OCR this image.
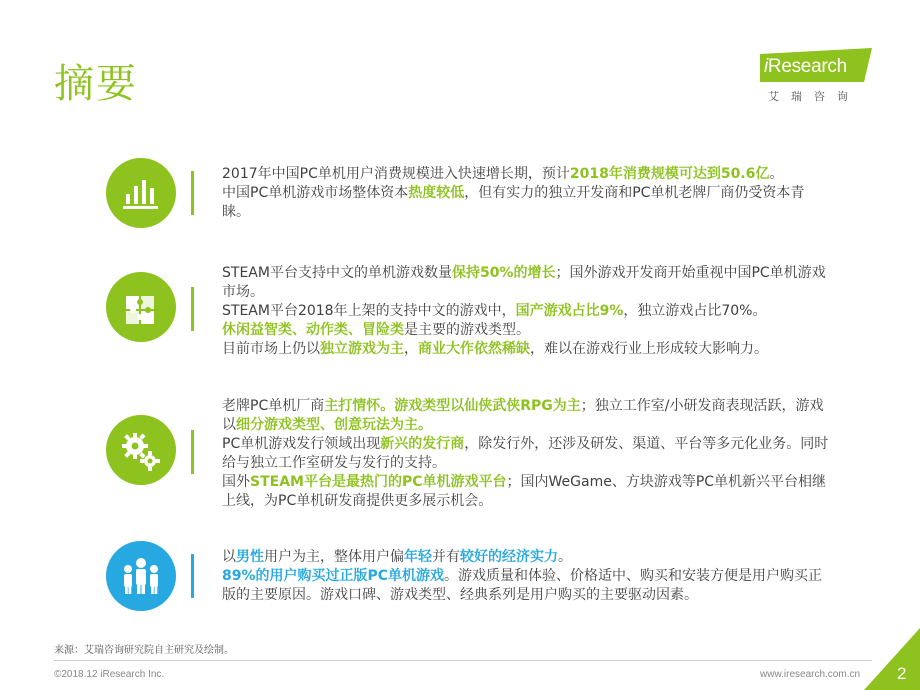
摘要	iResearch
艾瑞咨询

2017年中国PC单机用户消费规模进入快速增长期，预计2018年消费规模可达到50.6亿。

中国PC单机游戏市场整体资本热度较低，但有实力的独立开发商和PC单机老牌厂商仍受资本青睐。

STEAM平台支持中文的单机游戏数量保持50%的增长；国外游戏开发商开始重视中国PC单机游戏市场。

STEAM平台2018年上架的支持中文的游戏中，国产游戏占比9%，独立游戏占比70%。

休闲益智类、动作类、冒险类是主要的游戏类型。

目前市场上仍以独立游戏为主，商业大作依然稀缺，难以在游戏行业上形成较大影响力。

老牌PC单机厂商主打情怀。游戏类型以仙侠武侠RPG为主；独立工作室/小研发商表现活跃，游戏以细分游戏类型、创意玩法为主。

PC单机游戏发行领域出现新兴的发行商，除发行外，还涉及研发、渠道、平台等多元化业务。同时给与独立工作室研发与发行的支持。

国外STEAM平台是最热门的PC单机游戏平台；国内WeGame、方块游戏等PC单机新兴平台相继上线，为PC单机研发商提供更多展示机会。

以男性用户为主，整体用户偏年轻并有较好的经济实力。

89%的用户购买过正版PC单机游戏。游戏质量和体验、价格适中、购买和安装方便是用户购买正版的主要原因。游戏口碑、游戏类型、经典系列是用户购买的主要驱动因素。

来源：艾瑞咨询研究院自主研究及绘制。
©2018.12 iResearch Inc.	www.iresearch.com.cn 2
